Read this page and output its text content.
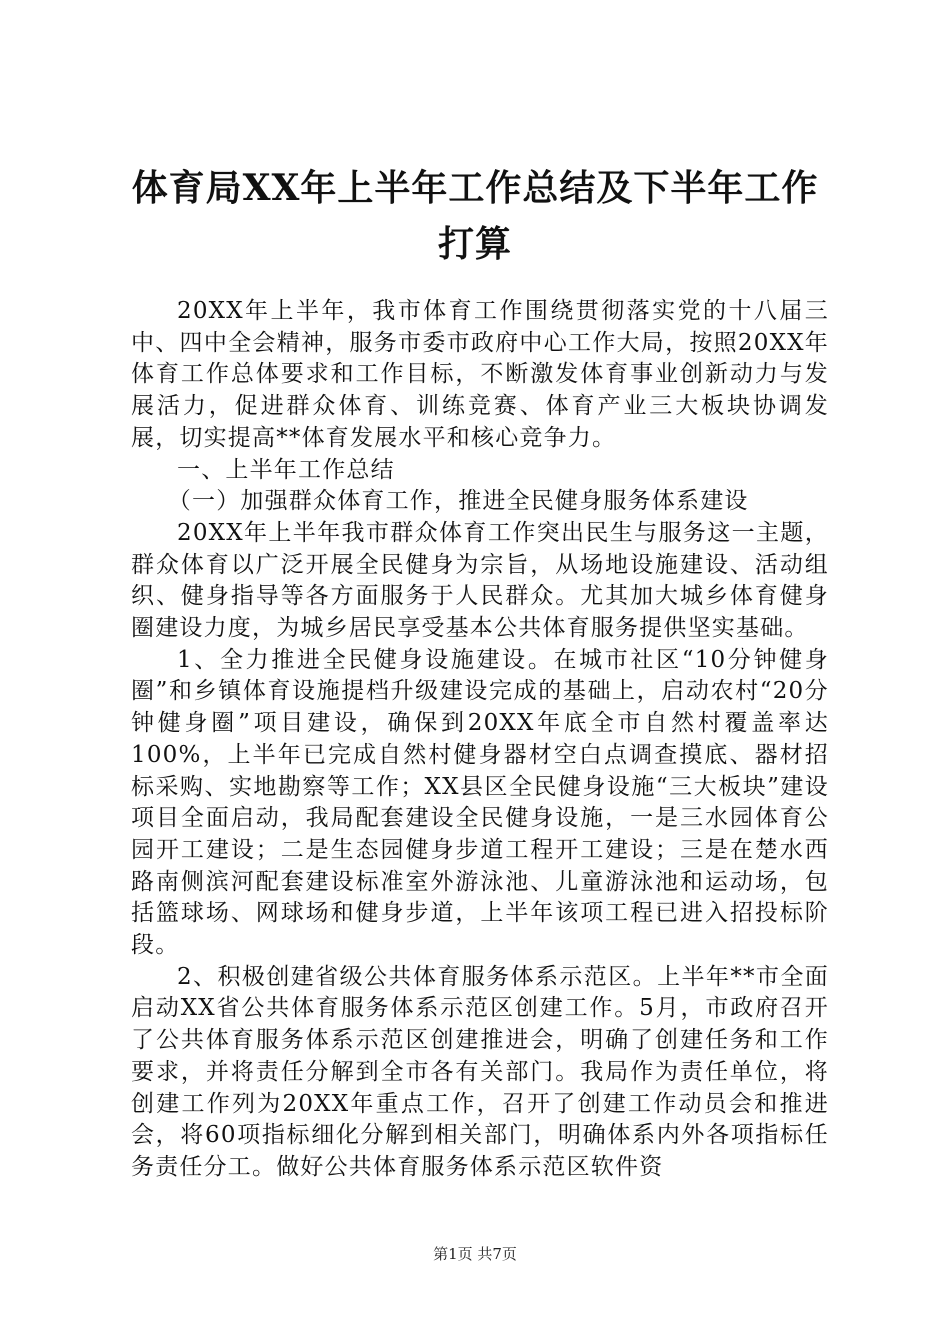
体育局XX年上半年工作总结及下半年工作打算

20XX年上半年，我市体育工作围绕贯彻落实党的十八届三中、四中全会精神，服务市委市政府中心工作大局，按照20XX年体育工作总体要求和工作目标，不断激发体育事业创新动力与发展活力，促进群众体育、训练竞赛、体育产业三大板块协调发展，切实提高**体育发展水平和核心竞争力。

一、上半年工作总结

（一）加强群众体育工作，推进全民健身服务体系建设

20XX年上半年我市群众体育工作突出民生与服务这一主题，群众体育以广泛开展全民健身为宗旨，从场地设施建设、活动组织、健身指导等各方面服务于人民群众。尤其加大城乡体育健身圈建设力度，为城乡居民享受基本公共体育服务提供坚实基础。

1、全力推进全民健身设施建设。在城市社区“10分钟健身圈”和乡镇体育设施提档升级建设完成的基础上，启动农村“20分钟健身圈”项目建设，确保到20XX年底全市自然村覆盖率达100%，上半年已完成自然村健身器材空白点调查摸底、器材招标采购、实地勘察等工作；XX县区全民健身设施“三大板块”建设项目全面启动，我局配套建设全民健身设施，一是三水园体育公园开工建设；二是生态园健身步道工程开工建设；三是在楚水西路南侧滨河配套建设标准室外游泳池、儿童游泳池和运动场，包括篮球场、网球场和健身步道，上半年该项工程已进入招投标阶段。

2、积极创建省级公共体育服务体系示范区。上半年**市全面启动XX省公共体育服务体系示范区创建工作。5月，市政府召开了公共体育服务体系示范区创建推进会，明确了创建任务和工作要求，并将责任分解到全市各有关部门。我局作为责任单位，将创建工作列为20XX年重点工作，召开了创建工作动员会和推进会，将60项指标细化分解到相关部门，明确体系内外各项指标任务责任分工。做好公共体育服务体系示范区软件资

第1页 共7页
